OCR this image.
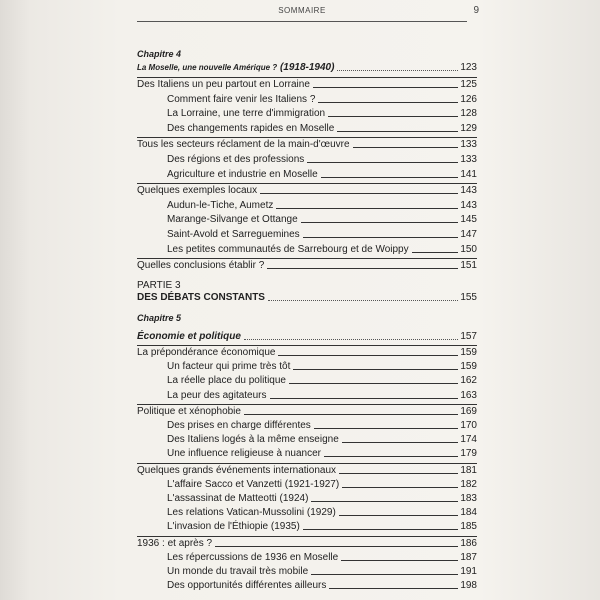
SOMMAIRE	9
Chapitre 4
La Moselle, une nouvelle Amérique ? (1918-1940)	123
Des Italiens un peu partout en Lorraine	125
Comment faire venir les Italiens ?	126
La Lorraine, une terre d'immigration	128
Des changements rapides en Moselle	129
Tous les secteurs réclament de la main-d'œuvre	133
Des régions et des professions	133
Agriculture et industrie en Moselle	141
Quelques exemples locaux	143
Audun-le-Tiche, Aumetz	143
Marange-Silvange et Ottange	145
Saint-Avold et Sarreguemines	147
Les petites communautés de Sarrebourg et de Woippy	150
Quelles conclusions établir ?	151
PARTIE 3
DES DÉBATS CONSTANTS	155
Chapitre 5
Économie et politique	157
La prépondérance économique	159
Un facteur qui prime très tôt	159
La réelle place du politique	162
La peur des agitateurs	163
Politique et xénophobie	169
Des prises en charge différentes	170
Des Italiens logés à la même enseigne	174
Une influence religieuse à nuancer	179
Quelques grands événements internationaux	181
L'affaire Sacco et Vanzetti (1921-1927)	182
L'assassinat de Matteotti (1924)	183
Les relations Vatican-Mussolini (1929)	184
L'invasion de l'Éthiopie (1935)	185
1936 : et après ?	186
Les répercussions de 1936 en Moselle	187
Un monde du travail très mobile	191
Des opportunités différentes ailleurs	198
